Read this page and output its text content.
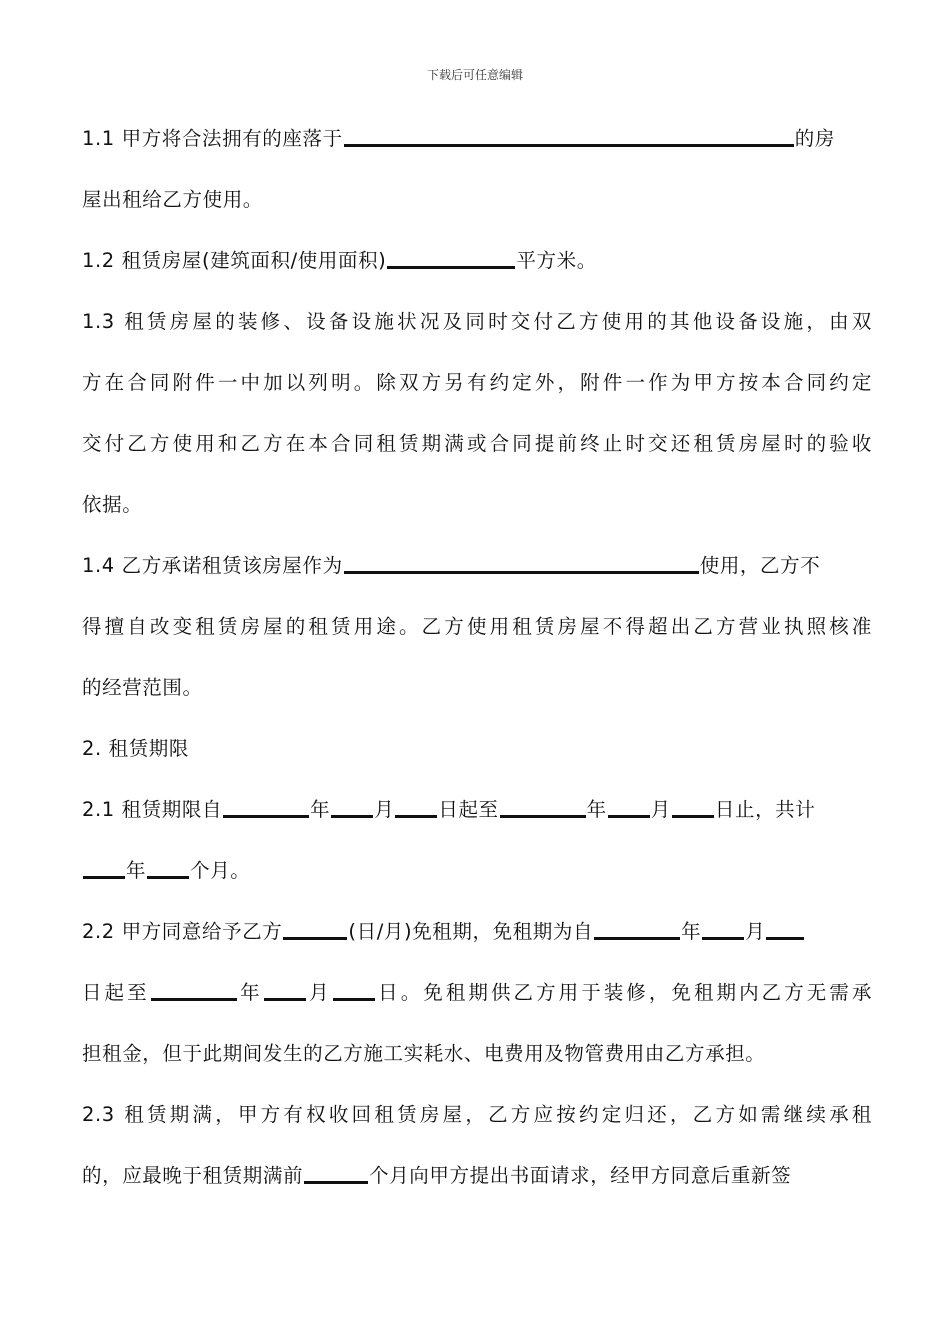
下载后可任意编辑
1.1 甲方将合法拥有的座落于	的房
屋出租给乙方使用。
1.2 租赁房屋(建筑面积/使用面积)	平方米。
1.3 租赁房屋的装修、设备设施状况及同时交付乙方使用的其他设备设施，由双
方在合同附件一中加以列明。除双方另有约定外，附件一作为甲方按本合同约定
交付乙方使用和乙方在本合同租赁期满或合同提前终止时交还租赁房屋时的验收
依据。
1.4 乙方承诺租赁该房屋作为	使用，乙方不
得擅自改变租赁房屋的租赁用途。乙方使用租赁房屋不得超出乙方营业执照核准
的经营范围。
2. 租赁期限
2.1 租赁期限自	年 月 日起至	年 月 日止，共计
年 个月。
2.2 甲方同意给予乙方	(日/月)免租期，免租期为自	年 月
日起至	年 月 日。免租期供乙方用于装修，免租期内乙方无需承
担租金，但于此期间发生的乙方施工实耗水、电费用及物管费用由乙方承担。
2.3 租赁期满，甲方有权收回租赁房屋，乙方应按约定归还，乙方如需继续承租
的，应最晚于租赁期满前	个月向甲方提出书面请求，经甲方同意后重新签
